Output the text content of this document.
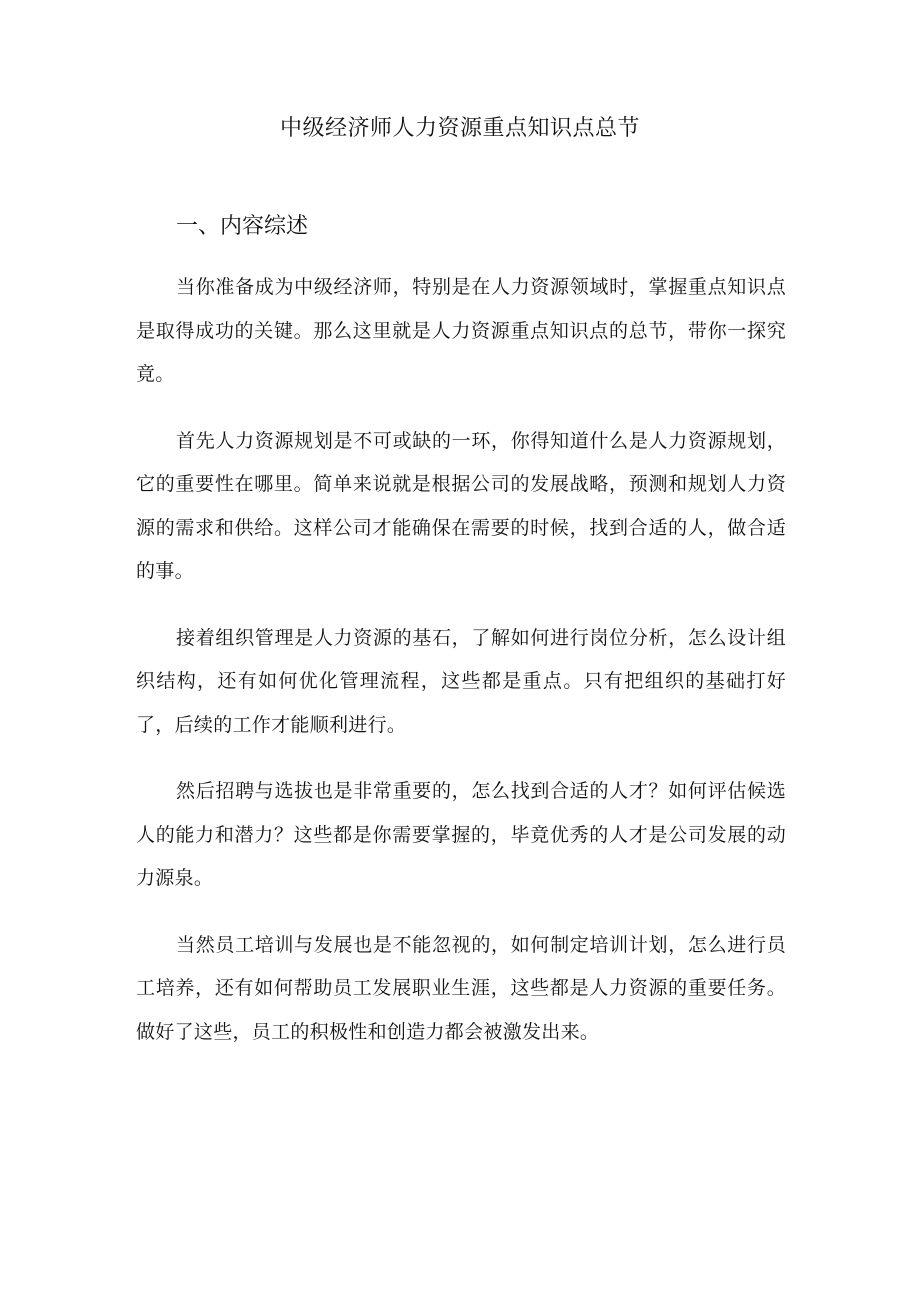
中级经济师人力资源重点知识点总节
一、内容综述

当你准备成为中级经济师，特别是在人力资源领域时，掌握重点知识点是取得成功的关键。那么这里就是人力资源重点知识点的总节，带你一探究竟。

首先人力资源规划是不可或缺的一环，你得知道什么是人力资源规划，它的重要性在哪里。简单来说就是根据公司的发展战略，预测和规划人力资源的需求和供给。这样公司才能确保在需要的时候，找到合适的人，做合适的事。

接着组织管理是人力资源的基石，了解如何进行岗位分析，怎么设计组织结构，还有如何优化管理流程，这些都是重点。只有把组织的基础打好了，后续的工作才能顺利进行。

然后招聘与选拔也是非常重要的，怎么找到合适的人才？如何评估候选人的能力和潜力？这些都是你需要掌握的，毕竟优秀的人才是公司发展的动力源泉。

当然员工培训与发展也是不能忽视的，如何制定培训计划，怎么进行员工培养，还有如何帮助员工发展职业生涯，这些都是人力资源的重要任务。做好了这些，员工的积极性和创造力都会被激发出来。
